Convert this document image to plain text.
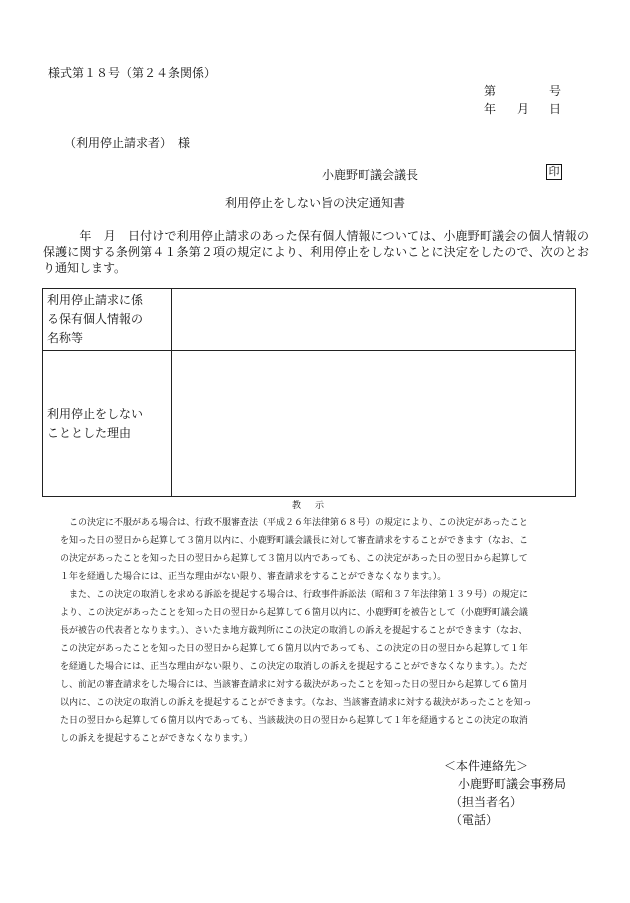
様式第１８号（第２４条関係）
第	号
年 月 日
（利用停止請求者）　様
小鹿野町議会議長	印
利用停止をしない旨の決定通知書
　　　年　月　日付けで利用停止請求のあった保有個人情報については、小鹿野町議会の個人情報の保護に関する条例第４１条第２項の規定により、利用停止をしないことに決定をしたので、次のとおり通知します。
利用停止請求に係
る保有個人情報の
名称等	

利用停止をしない
こととした理由	

教示
　この決定に不服がある場合は、行政不服審査法（平成２６年法律第６８号）の規定により、この決定があったこと
を知った日の翌日から起算して３箇月以内に、小鹿野町議会議長に対して審査請求をすることができます（なお、こ
の決定があったことを知った日の翌日から起算して３箇月以内であっても、この決定があった日の翌日から起算して
１年を経過した場合には、正当な理由がない限り、審査請求をすることができなくなります。）。
　また、この決定の取消しを求める訴訟を提起する場合は、行政事件訴訟法（昭和３７年法律第１３９号）の規定に
より、この決定があったことを知った日の翌日から起算して６箇月以内に、小鹿野町を被告として（小鹿野町議会議
長が被告の代表者となります。）、さいたま地方裁判所にこの決定の取消しの訴えを提起することができます（なお、
この決定があったことを知った日の翌日から起算して６箇月以内であっても、この決定の日の翌日から起算して１年
を経過した場合には、正当な理由がない限り、この決定の取消しの訴えを提起することができなくなります。）。ただ
し、前記の審査請求をした場合には、当該審査請求に対する裁決があったことを知った日の翌日から起算して６箇月
以内に、この決定の取消しの訴えを提起することができます。（なお、当該審査請求に対する裁決があったことを知っ
た日の翌日から起算して６箇月以内であっても、当該裁決の日の翌日から起算して１年を経過するとこの決定の取消
しの訴えを提起することができなくなります。）
＜本件連絡先＞
小鹿野町議会事務局
（担当者名）
（電話）
